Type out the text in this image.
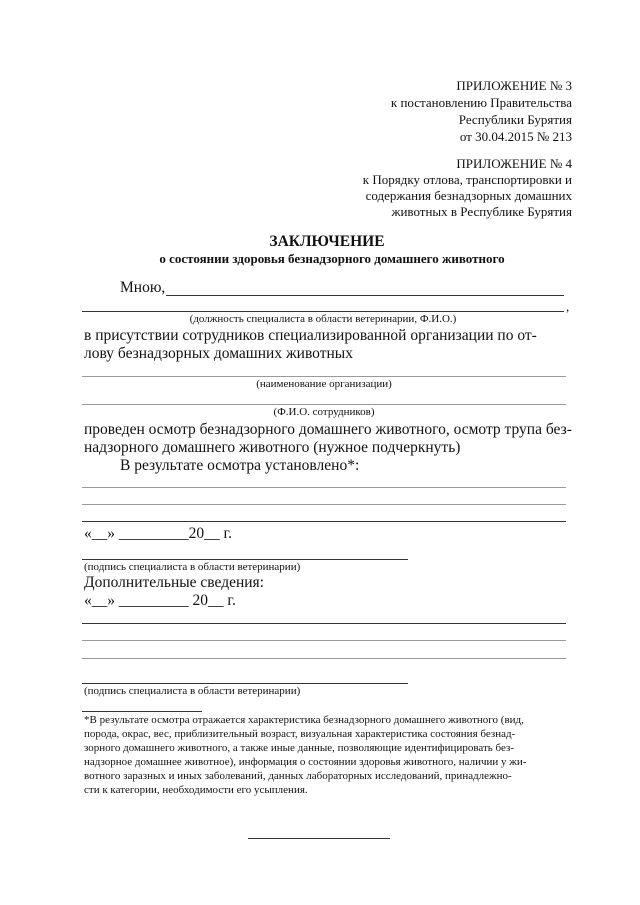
ПРИЛОЖЕНИЕ № 3
к постановлению Правительства
Республики Бурятия
от 30.04.2015 № 213
ПРИЛОЖЕНИЕ № 4
к Порядку отлова, транспортировки и
содержания безнадзорных домашних
животных в Республике Бурятия
ЗАКЛЮЧЕНИЕ
о состоянии здоровья безнадзорного домашнего животного
Мною,
,
(должность специалиста в области ветеринарии, Ф.И.О.)
в присутствии сотрудников специализированной организации по от-
лову безнадзорных домашних животных
(наименование организации)
(Ф.И.О. сотрудников)
проведен осмотр безнадзорного домашнего животного, осмотр трупа без-
надзорного домашнего животного (нужное подчеркнуть)
В результате осмотра установлено*:
«__» _________20__ г.
(подпись специалиста в области ветеринарии)
Дополнительные сведения:
«__» _________ 20__ г.
(подпись специалиста в области ветеринарии)
*В результате осмотра отражается характеристика безнадзорного домашнего животного (вид,
порода, окрас, вес, приблизительный возраст, визуальная характеристика состояния безнад-
зорного домашнего животного, а также иные данные, позволяющие идентифицировать без-
надзорное домашнее животное), информация о состоянии здоровья животного, наличии у жи-
вотного заразных и иных заболеваний, данных лабораторных исследований, принадлежно-
сти к категории, необходимости его усыпления.
